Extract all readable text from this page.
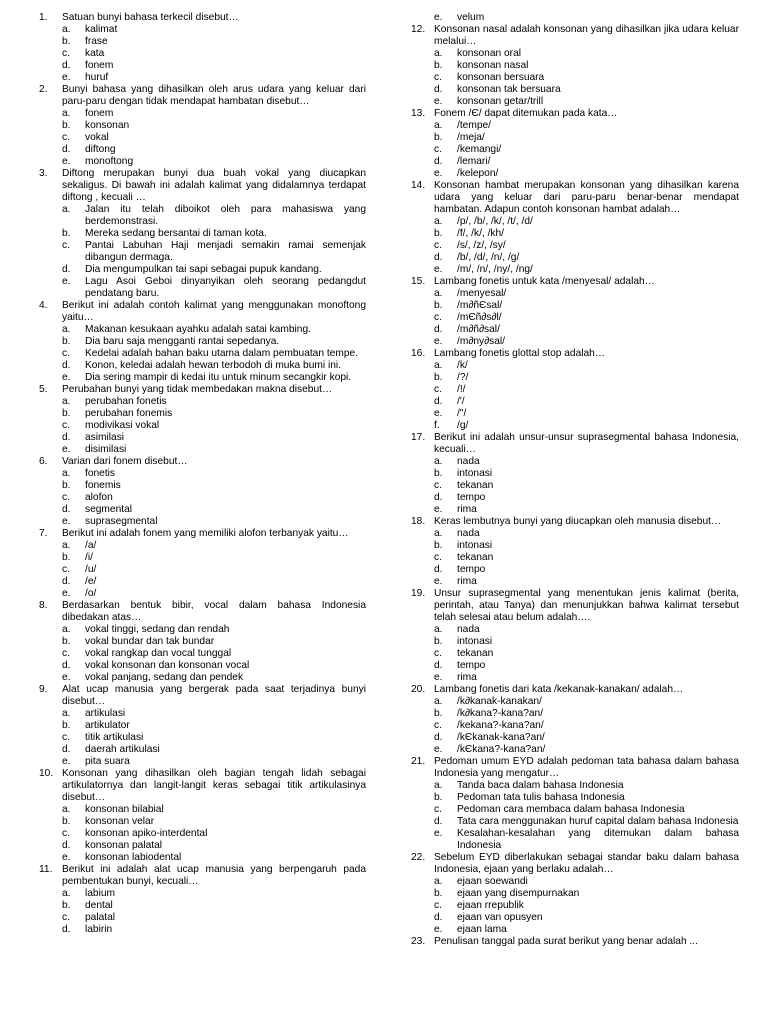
1.	Satuan bunyi bahasa terkecil disebut…
a.	kalimat
b.	frase
c.	kata
d.	fonem
e.	huruf
2.	Bunyi bahasa yang dihasilkan oleh arus udara yang keluar dari paru-paru dengan tidak mendapat hambatan disebut…
a.	fonem
b.	konsonan
c.	vokal
d.	diftong
e.	monoftong
3.	Diftong merupakan bunyi dua buah vokal yang diucapkan sekaligus. Di bawah ini adalah kalimat yang didalamnya terdapat diftong , kecuali …
a.	Jalan itu telah diboikot oleh para mahasiswa yang berdemonstrasi.
b.	Mereka sedang bersantai di taman kota.
c.	Pantai Labuhan Haji menjadi semakin ramai semenjak dibangun dermaga.
d.	Dia mengumpulkan tai sapi sebagai pupuk kandang.
e.	Lagu Asoi Geboi dinyanyikan oleh seorang pedangdut pendatang baru.
4.	Berikut ini adalah contoh kalimat yang menggunakan monoftong yaitu…
a.	Makanan kesukaan ayahku adalah satai kambing.
b.	Dia baru saja mengganti rantai sepedanya.
c.	Kedelai adalah bahan baku utama dalam pembuatan tempe.
d.	Konon, keledai adalah hewan terbodoh di muka bumi ini.
e.	Dia sering mampir di kedai itu untuk minum secangkir kopi.
5.	Perubahan bunyi yang tidak membedakan makna disebut…
a.	perubahan fonetis
b.	perubahan fonemis
c.	modivikasi vokal
d.	asimilasi
e.	disimilasi
6.	Varian dari fonem disebut…
a.	fonetis
b.	fonemis
c.	alofon
d.	segmental
e.	suprasegmental
7.	Berikut ini adalah fonem yang memiliki alofon terbanyak yaitu…
a.	/a/
b.	/i/
c.	/u/
d.	/e/
e.	/o/
8.	Berdasarkan bentuk bibir, vocal dalam bahasa Indonesia dibedakan atas…
a.	vokal tinggi, sedang dan rendah
b.	vokal bundar dan tak bundar
c.	vokal rangkap dan vocal tunggal
d.	vokal konsonan dan konsonan vocal
e.	vokal panjang, sedang dan pendek
9.	Alat ucap manusia yang bergerak pada saat terjadinya bunyi disebut…
a.	artikulasi
b.	artikulator
c.	titik artikulasi
d.	daerah artikulasi
e.	pita suara
10. Konsonan yang dihasilkan oleh bagian tengah lidah sebagai artikulatornya dan langit-langit keras sebagai titik artikulasinya disebut…
a.	konsonan bilabial
b.	konsonan velar
c.	konsonan apiko-interdental
d.	konsonan palatal
e.	konsonan labiodental
11. Berikut ini adalah alat ucap manusia yang berpengaruh pada pembentukan bunyi, kecuali…
a.	labium
b.	dental
c.	palatal
d.	labirin
e.	velum
12. Konsonan nasal adalah konsonan yang dihasilkan jika udara keluar melalui…
a.	konsonan oral
b.	konsonan nasal
c.	konsonan bersuara
d.	konsonan tak bersuara
e.	konsonan getar/trill
13. Fonem /Є/ dapat ditemukan pada kata…
a.	/tempe/
b.	/meja/
c.	/kemangi/
d.	/lemari/
e.	/kelepon/
14. Konsonan hambat merupakan konsonan yang dihasilkan karena udara yang keluar dari paru-paru benar-benar mendapat hambatan. Adapun contoh konsonan hambat adalah…
a.	/p/, /b/, /k/, /t/, /d/
b.	/f/, /k/, /kh/
c.	/s/, /z/, /sy/
d.	/b/, /d/, /n/, /g/
e.	/m/, /n/, /ny/, /ng/
15. Lambang fonetis untuk kata /menyesal/ adalah…
a.	/menyesal/
b.	/m∂ñЄsal/
c.	/mЄñ∂s∂l/
d.	/m∂ñ∂sal/
e.	/m∂ny∂sal/
16. Lambang fonetis glottal stop adalah…
a.	/k/
b.	/?/
c.	/!/
d.	/'/
e.	/"/
f.	/g/
17. Berikut ini adalah unsur-unsur suprasegmental bahasa Indonesia, kecuali…
a.	nada
b.	intonasi
c.	tekanan
d.	tempo
e.	rima
18. Keras lembutnya bunyi yang diucapkan oleh manusia disebut…
a.	nada
b.	intonasi
c.	tekanan
d.	tempo
e.	rima
19. Unsur suprasegmental yang menentukan jenis kalimat (berita, perintah, atau Tanya) dan menunjukkan bahwa kalimat tersebut telah selesai atau belum adalah….
a.	nada
b.	intonasi
c.	tekanan
d.	tempo
e.	rima
20. Lambang fonetis dari kata /kekanak-kanakan/ adalah…
a.	/k∂kanak-kanakan/
b.	/k∂kana?-kana?an/
c.	/kekana?-kana?an/
d.	/kЄkanak-kana?an/
e.	/kЄkana?-kana?an/
21. Pedoman umum EYD adalah pedoman tata bahasa dalam bahasa Indonesia yang mengatur…
a.	Tanda baca dalam bahasa Indonesia
b.	Pedoman tata tulis bahasa Indonesia
c.	Pedoman cara membaca dalam bahasa Indonesia
d.	Tata cara menggunakan huruf capital dalam bahasa Indonesia
e.	Kesalahan-kesalahan yang ditemukan dalam bahasa Indonesia
22. Sebelum EYD diberlakukan sebagai standar baku dalam bahasa Indonesia, ejaan yang berlaku adalah…
a.	ejaan soewandi
b.	ejaan yang disempurnakan
c.	ejaan rrepublik
d.	ejaan van opusyen
e.	ejaan lama
23. Penulisan tanggal pada surat berikut yang benar adalah ...
